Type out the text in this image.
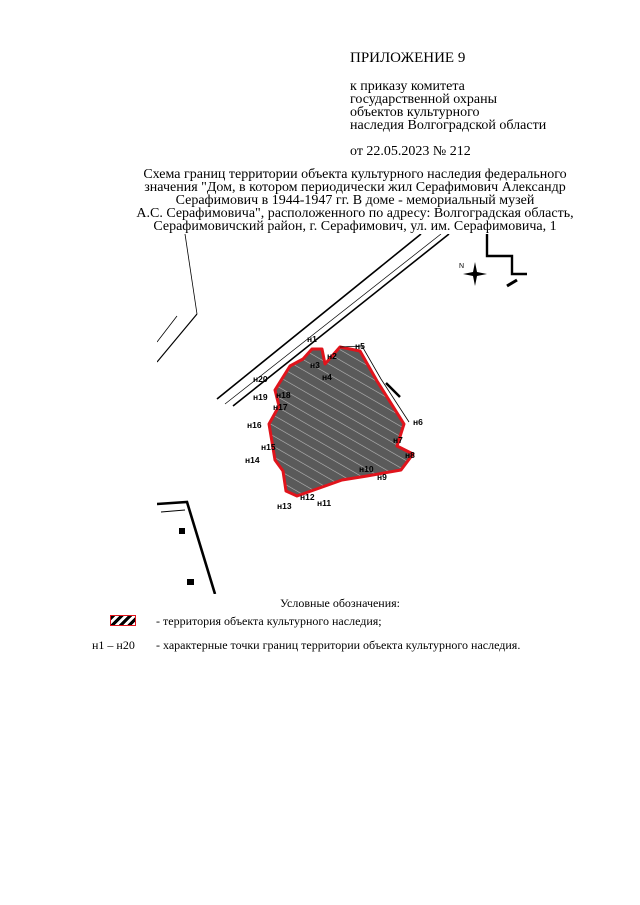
ПРИЛОЖЕНИЕ 9
к приказу комитета
государственной охраны
объектов культурного
наследия Волгоградской области
от 22.05.2023 № 212
Схема границ территории объекта культурного наследия федерального
значения "Дом, в котором периодически жил Серафимович Александр
Серафимович в 1944-1947 гг. В доме - мемориальный музей
А.С. Серафимовича", расположенного по адресу: Волгоградская область,
Серафимовичский район, г. Серафимович, ул. им. Серафимовича, 1
N
н1
н2
н3
н4
н5
н6
н7
н8
н9
н10
н11
н12
н13
н14
н15
н16
н17
н18
н19
н20
Условные обозначения:
- территория объекта культурного наследия;
н1 – н20 - характерные точки границ территории объекта культурного наследия.
